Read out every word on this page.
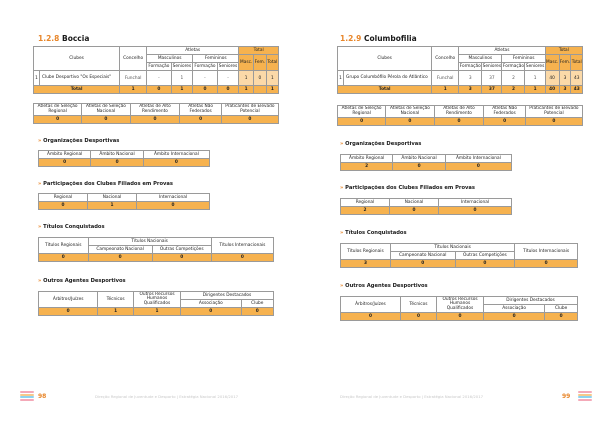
1.2.8 Boccia
Clubes		Concelho	Atletas				Total		
			Masculinos		Femininos		Masc.	Fem.	Total
			Formação	Seniores	Formação	Seniores			
1	Clube Desportivo "Os Especiais"	Funchal	-	1	-	-	1	0	1
Total		1	0	1	0	0	1		1
Atletas de Seleção Regional	Atletas de Seleção Nacional	Atletas de Alto Rendimento	Atletas Não Federados	Praticantes de Elevado Potencial
0	0	0	0	0
» Organizações Desportivas
Âmbito Regional	Âmbito Nacional	Âmbito Internacional
0	0	0
» Participações dos Clubes Filiados em Provas
Regional	Nacional	Internacional
0	1	0
» Títulos Conquistados
Títulos Regionais	Títulos Nacionais		Títulos Internacionais
	Campeonato Nacional	Outras Competições	
0	0	0	0
» Outros Agentes Desportivos
Árbitros/Juízes	Técnicos	Outros Recursos Humanos Qualificados	Dirigentes Destacados	
			Associação	Clube
0	1	1	0	0
98	Direção Regional de Juventude e Desporto | Estratégia Nacional 2016/2017
1.2.9 Columbofilia
Clubes		Concelho	Atletas				Total		
			Masculinos		Femininos		Masc.	Fem.	Total
			Formação	Seniores	Formação	Seniores			
1	Grupo Columbófilo Pérola do Atlântico	Funchal	3	37	2	1	40	3	43
Total		1	3	37	2	1	40	3	43
Atletas de Seleção Regional	Atletas de Seleção Nacional	Atletas de Alto Rendimento	Atletas Não Federados	Praticantes de Elevado Potencial
0	0	0	0	0
» Organizações Desportivas
Âmbito Regional	Âmbito Nacional	Âmbito Internacional
2	0	0
» Participações dos Clubes Filiados em Provas
Regional	Nacional	Internacional
2	0	0
» Títulos Conquistados
Títulos Regionais	Títulos Nacionais		Títulos Internacionais
	Campeonato Nacional	Outras Competições	
3	0	0	0
» Outros Agentes Desportivos
Árbitros/Juízes	Técnicos	Outros Recursos Humanos Qualificados	Dirigentes Destacados	
			Associação	Clube
0	0	0	0	0
Direção Regional de Juventude e Desporto | Estratégia Nacional 2016/2017	99
